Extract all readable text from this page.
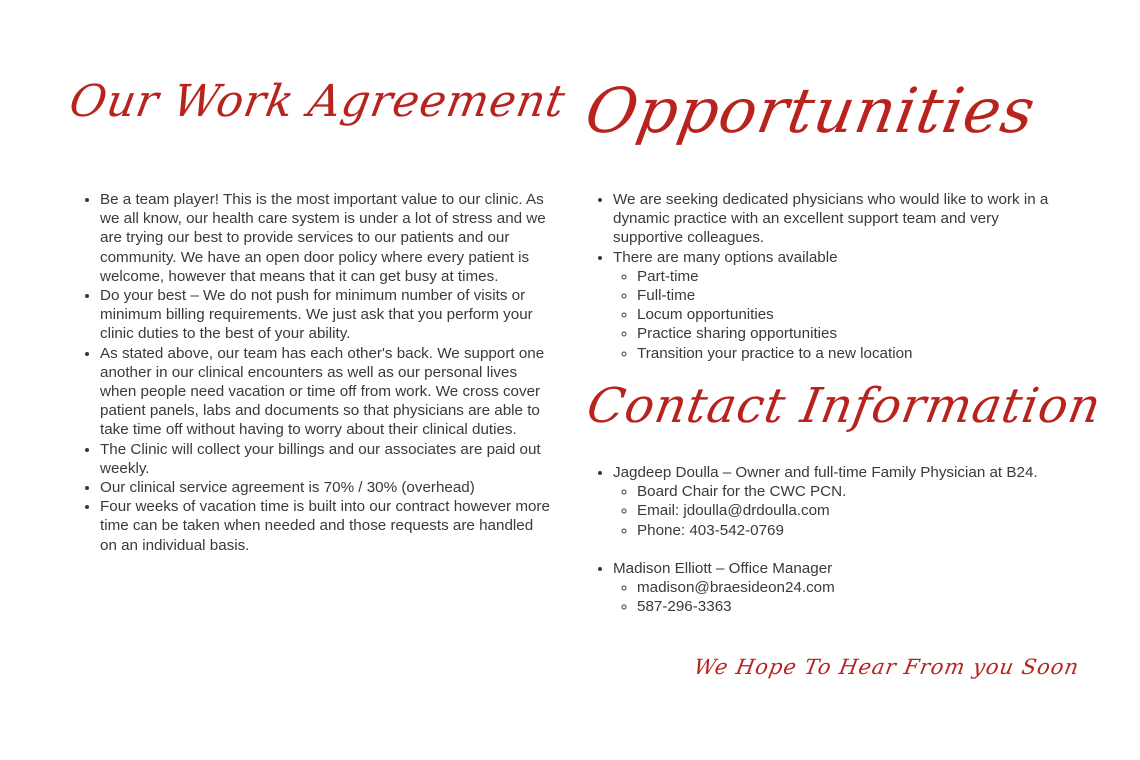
Our Work Agreement Opportunities
• Be a team player! This is the most important value to our clinic. As we all know, our health care system is under a lot of stress and we are trying our best to provide services to our patients and our community. We have an open door policy where every patient is welcome, however that means that it can get busy at times.
• Do your best – We do not push for minimum number of visits or minimum billing requirements. We just ask that you perform your clinic duties to the best of your ability.
• As stated above, our team has each other's back. We support one another in our clinical encounters as well as our personal lives when people need vacation or time off from work. We cross cover patient panels, labs and documents so that physicians are able to take time off without having to worry about their clinical duties.
• The Clinic will collect your billings and our associates are paid out weekly.
• Our clinical service agreement is 70% / 30% (overhead)
• Four weeks of vacation time is built into our contract however more time can be taken when needed and those requests are handled on an individual basis.
• We are seeking dedicated physicians who would like to work in a dynamic practice with an excellent support team and very supportive colleagues.
• There are many options available
◦ Part-time
◦ Full-time
◦ Locum opportunities
◦ Practice sharing opportunities
◦ Transition your practice to a new location
Contact Information
• Jagdeep Doulla – Owner and full-time Family Physician at B24.
◦ Board Chair for the CWC PCN.
◦ Email: jdoulla@drdoulla.com
◦ Phone: 403-542-0769
• Madison Elliott – Office Manager
◦ madison@braesideon24.com
◦ 587-296-3363
We Hope To Hear From you Soon
